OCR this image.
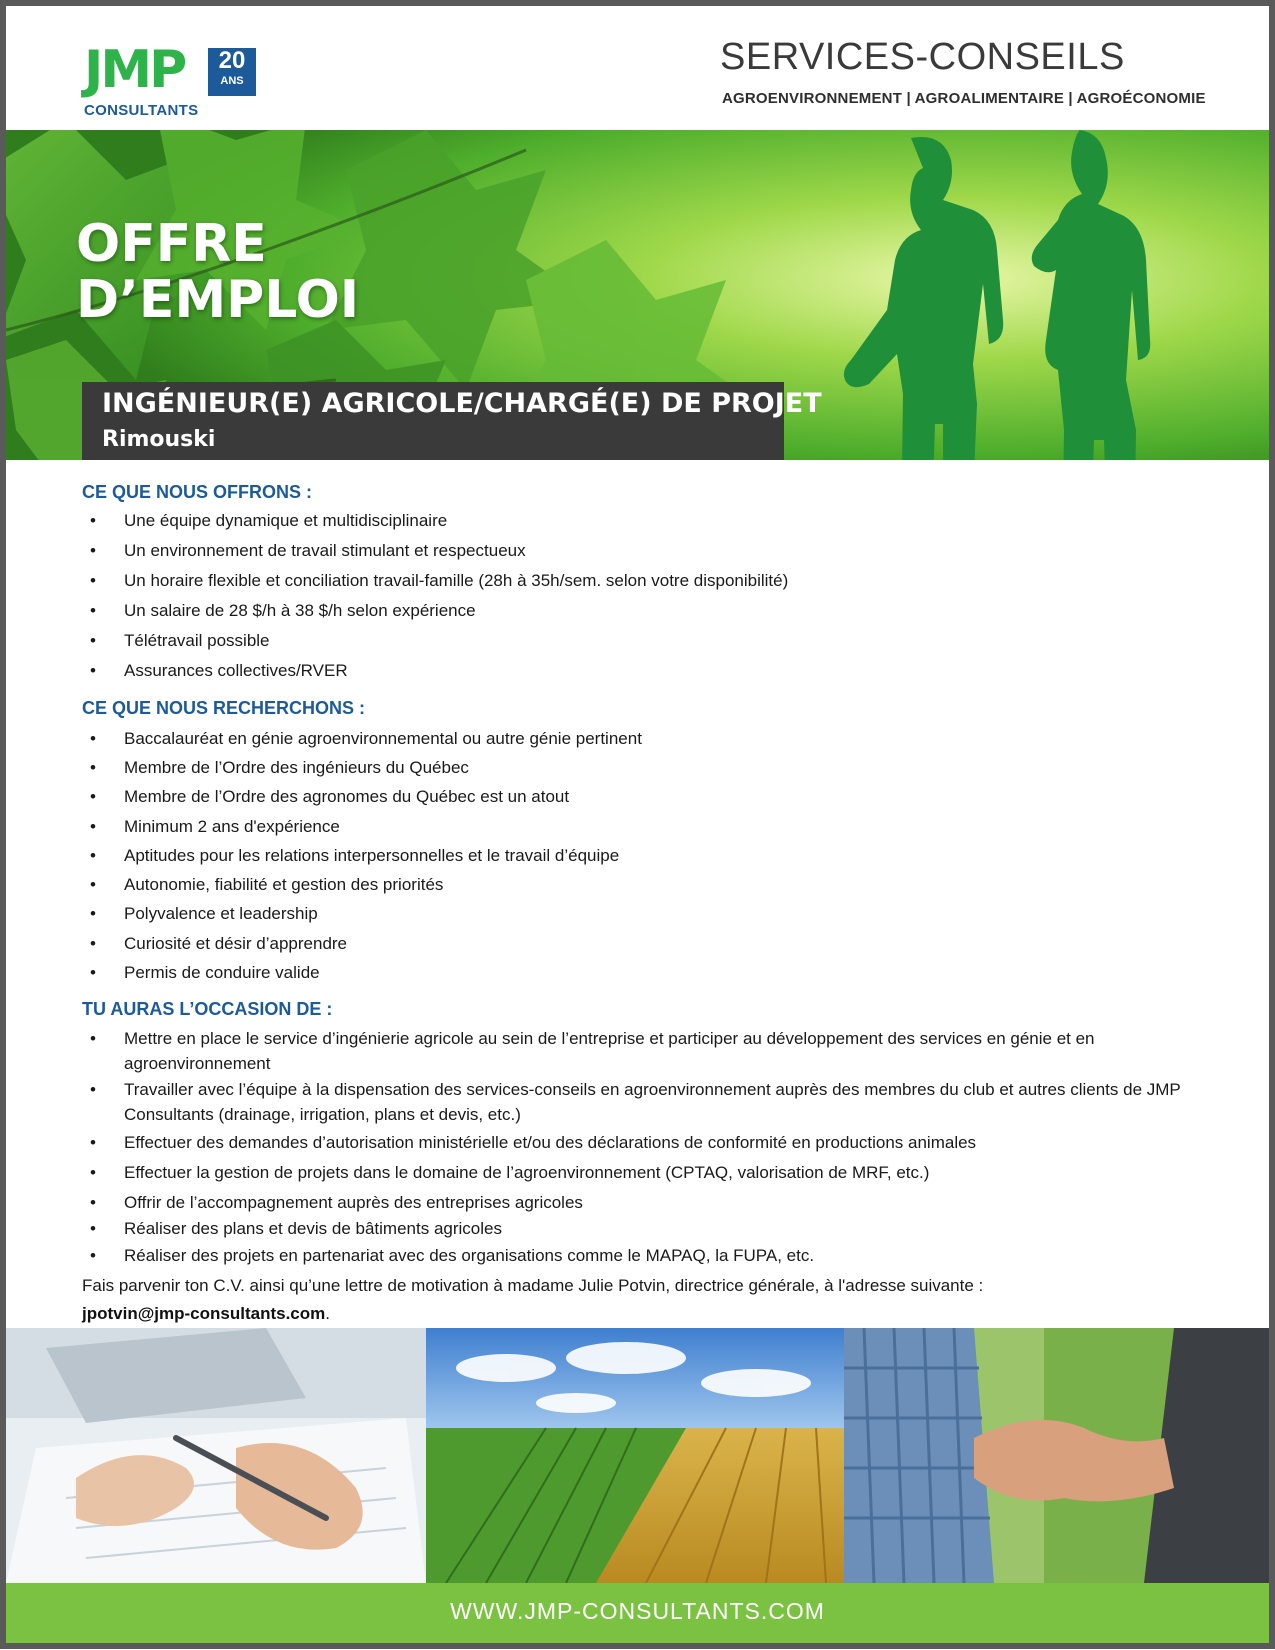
JMP	20
ANS
CONSULTANTS
SERVICES-CONSEILS
AGROENVIRONNEMENT | AGROALIMENTAIRE | AGROÉCONOMIE
OFFRE
D’EMPLOI
INGÉNIEUR(E) AGRICOLE/CHARGÉ(E) DE PROJET
Rimouski
CE QUE NOUS OFFRONS :
• Une équipe dynamique et multidisciplinaire
• Un environnement de travail stimulant et respectueux
• Un horaire flexible et conciliation travail-famille (28h à 35h/sem. selon votre disponibilité)
• Un salaire de 28 $/h à 38 $/h selon expérience
• Télétravail possible
• Assurances collectives/RVER
CE QUE NOUS RECHERCHONS :
• Baccalauréat en génie agroenvironnemental ou autre génie pertinent
• Membre de l’Ordre des ingénieurs du Québec
• Membre de l’Ordre des agronomes du Québec est un atout
• Minimum 2 ans d'expérience
• Aptitudes pour les relations interpersonnelles et le travail d’équipe
• Autonomie, fiabilité et gestion des priorités
• Polyvalence et leadership
• Curiosité et désir d’apprendre
• Permis de conduire valide
TU AURAS L’OCCASION DE :
• Mettre en place le service d’ingénierie agricole au sein de l’entreprise et participer au développement des services en génie et en agroenvironnement
• Travailler avec l’équipe à la dispensation des services-conseils en agroenvironnement auprès des membres du club et autres clients de JMP Consultants (drainage, irrigation, plans et devis, etc.)
• Effectuer des demandes d’autorisation ministérielle et/ou des déclarations de conformité en productions animales
• Effectuer la gestion de projets dans le domaine de l’agroenvironnement (CPTAQ, valorisation de MRF, etc.)
• Offrir de l’accompagnement auprès des entreprises agricoles
• Réaliser des plans et devis de bâtiments agricoles
• Réaliser des projets en partenariat avec des organisations comme le MAPAQ, la FUPA, etc.
Fais parvenir ton C.V. ainsi qu’une lettre de motivation à madame Julie Potvin, directrice générale, à l'adresse suivante :
jpotvin@jmp-consultants.com.
WWW.JMP-CONSULTANTS.COM
